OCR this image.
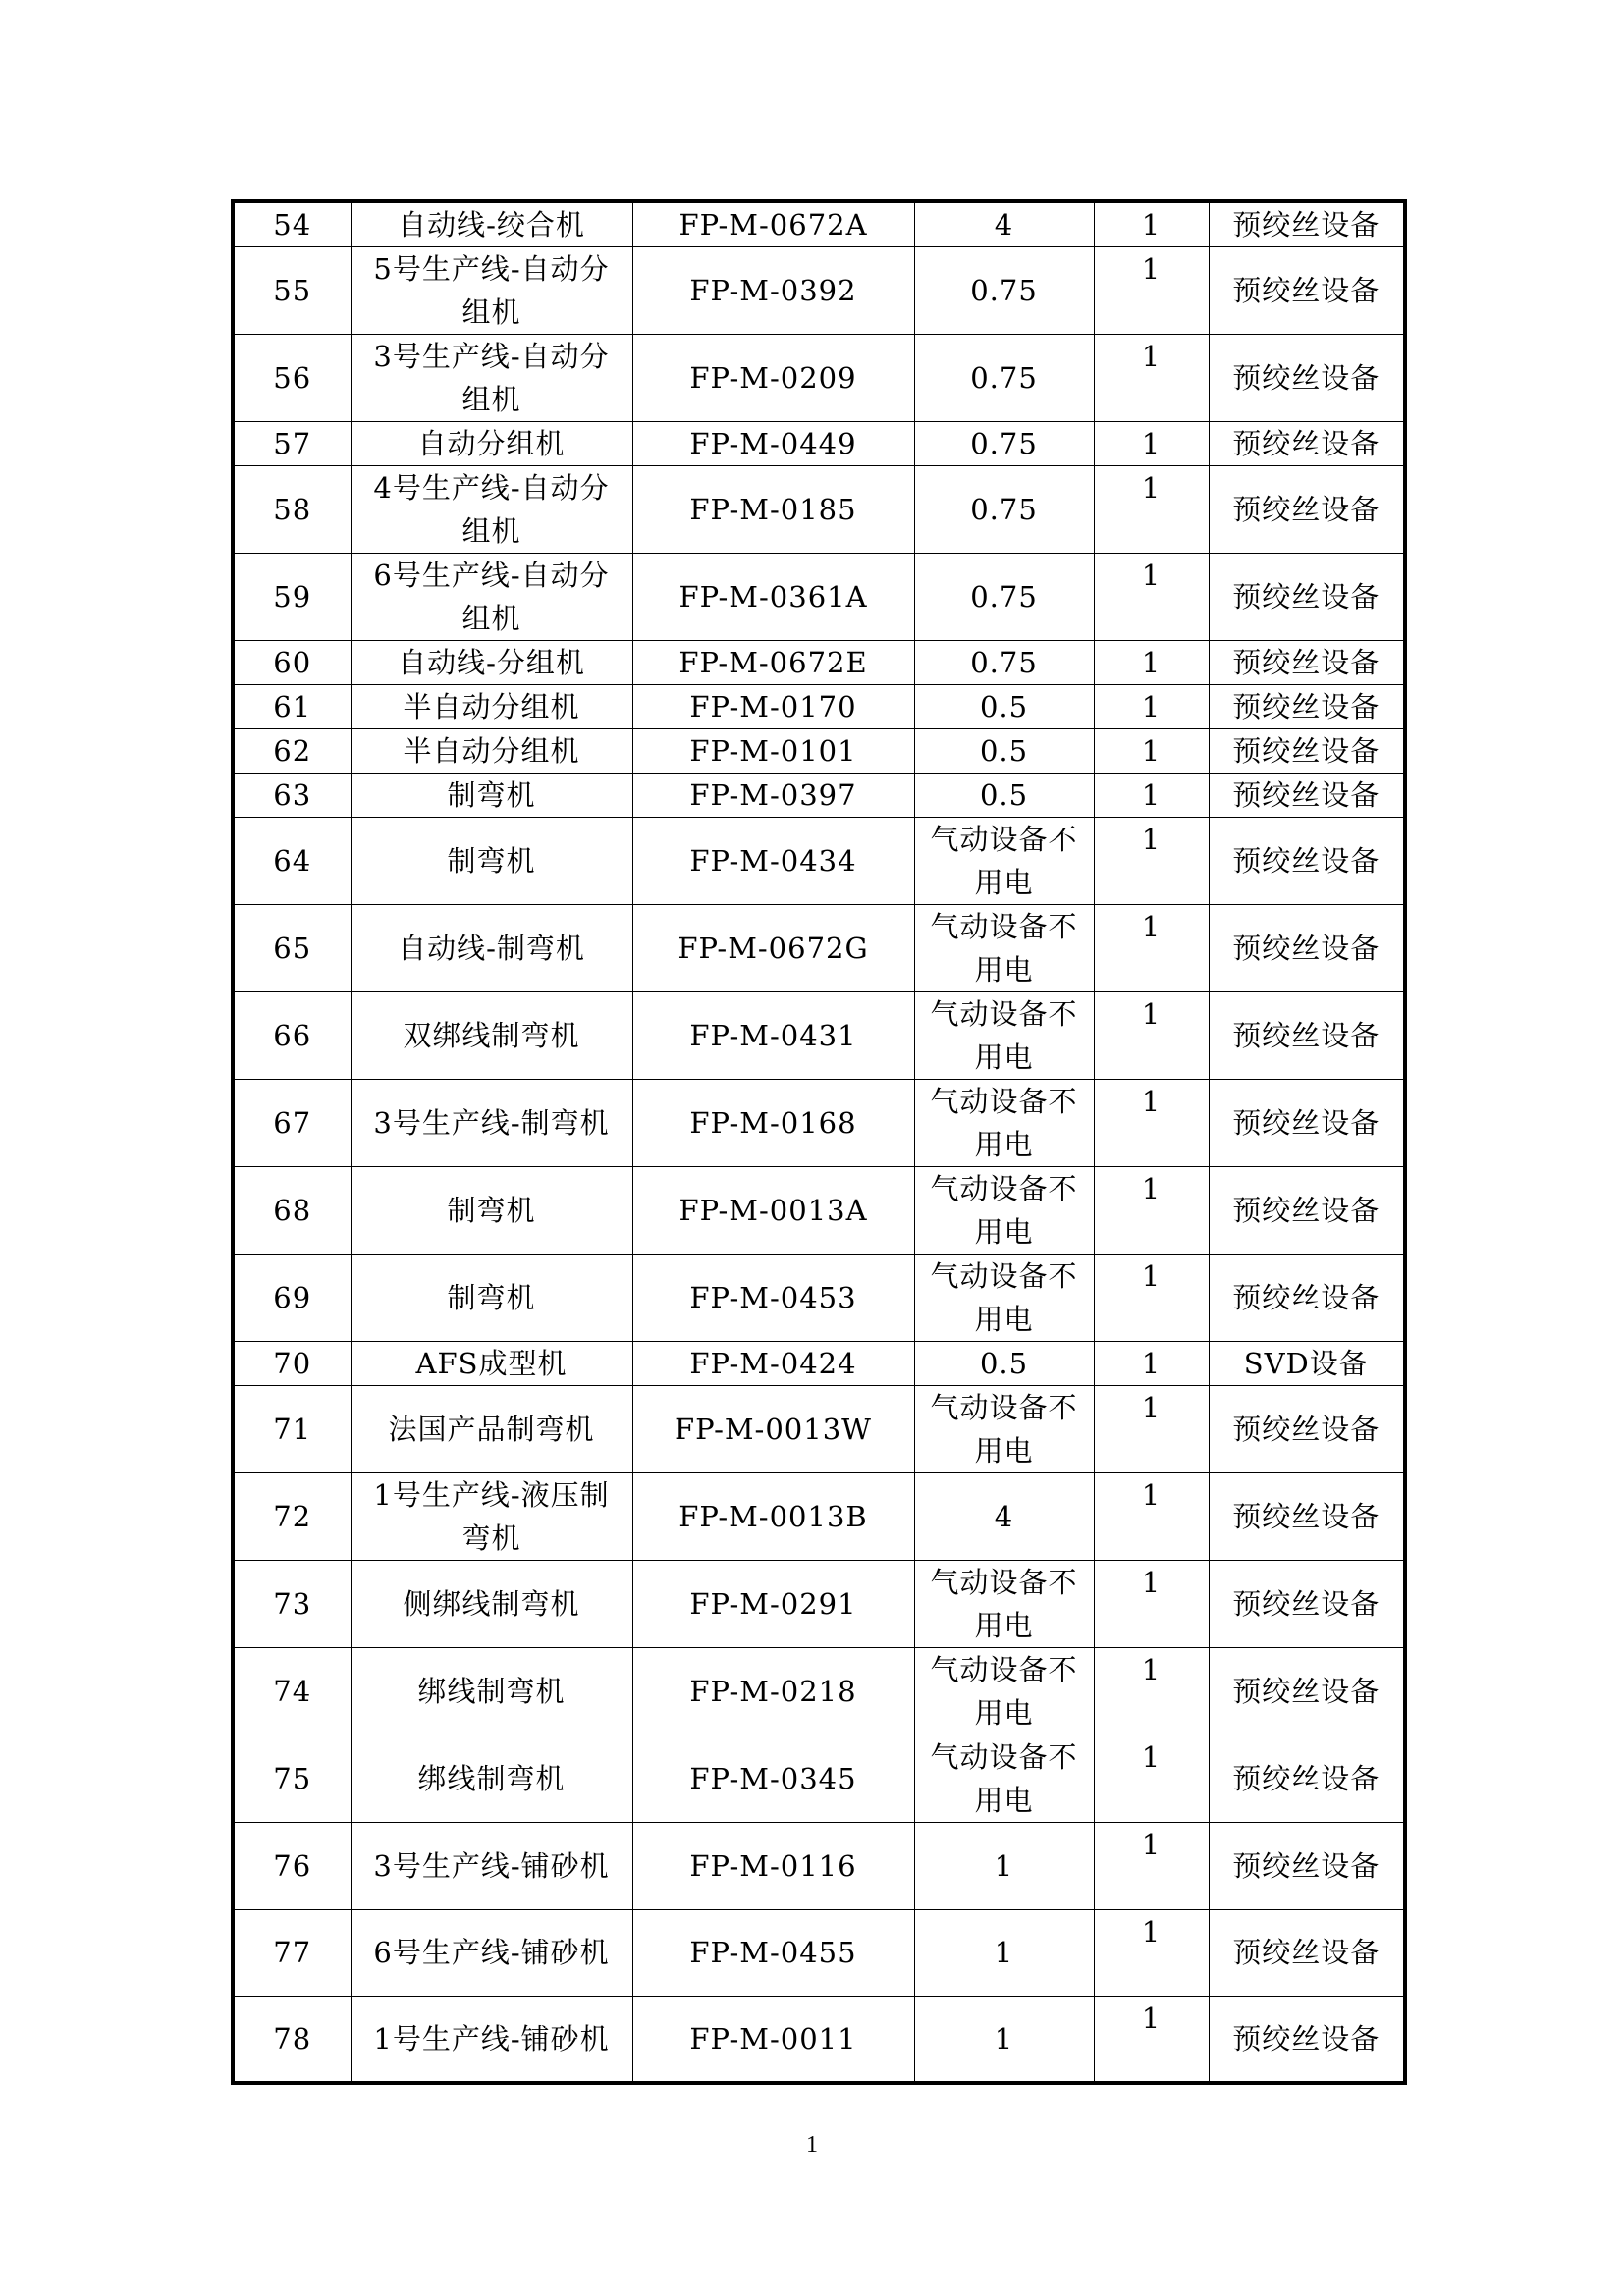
54	自动线-绞合机	FP-M-0672A	4	1	预绞丝设备
55	5号生产线-自动分组机	FP-M-0392	0.75	1	预绞丝设备
56	3号生产线-自动分组机	FP-M-0209	0.75	1	预绞丝设备
57	自动分组机	FP-M-0449	0.75	1	预绞丝设备
58	4号生产线-自动分组机	FP-M-0185	0.75	1	预绞丝设备
59	6号生产线-自动分组机	FP-M-0361A	0.75	1	预绞丝设备
60	自动线-分组机	FP-M-0672E	0.75	1	预绞丝设备
61	半自动分组机	FP-M-0170	0.5	1	预绞丝设备
62	半自动分组机	FP-M-0101	0.5	1	预绞丝设备
63	制弯机	FP-M-0397	0.5	1	预绞丝设备
64	制弯机	FP-M-0434	气动设备不用电	1	预绞丝设备
65	自动线-制弯机	FP-M-0672G	气动设备不用电	1	预绞丝设备
66	双绑线制弯机	FP-M-0431	气动设备不用电	1	预绞丝设备
67	3号生产线-制弯机	FP-M-0168	气动设备不用电	1	预绞丝设备
68	制弯机	FP-M-0013A	气动设备不用电	1	预绞丝设备
69	制弯机	FP-M-0453	气动设备不用电	1	预绞丝设备
70	AFS成型机	FP-M-0424	0.5	1	SVD设备
71	法国产品制弯机	FP-M-0013W	气动设备不用电	1	预绞丝设备
72	1号生产线-液压制弯机	FP-M-0013B	4	1	预绞丝设备
73	侧绑线制弯机	FP-M-0291	气动设备不用电	1	预绞丝设备
74	绑线制弯机	FP-M-0218	气动设备不用电	1	预绞丝设备
75	绑线制弯机	FP-M-0345	气动设备不用电	1	预绞丝设备
76	3号生产线-铺砂机	FP-M-0116	1	1	预绞丝设备
77	6号生产线-铺砂机	FP-M-0455	1	1	预绞丝设备
78	1号生产线-铺砂机	FP-M-0011	1	1	预绞丝设备
1
